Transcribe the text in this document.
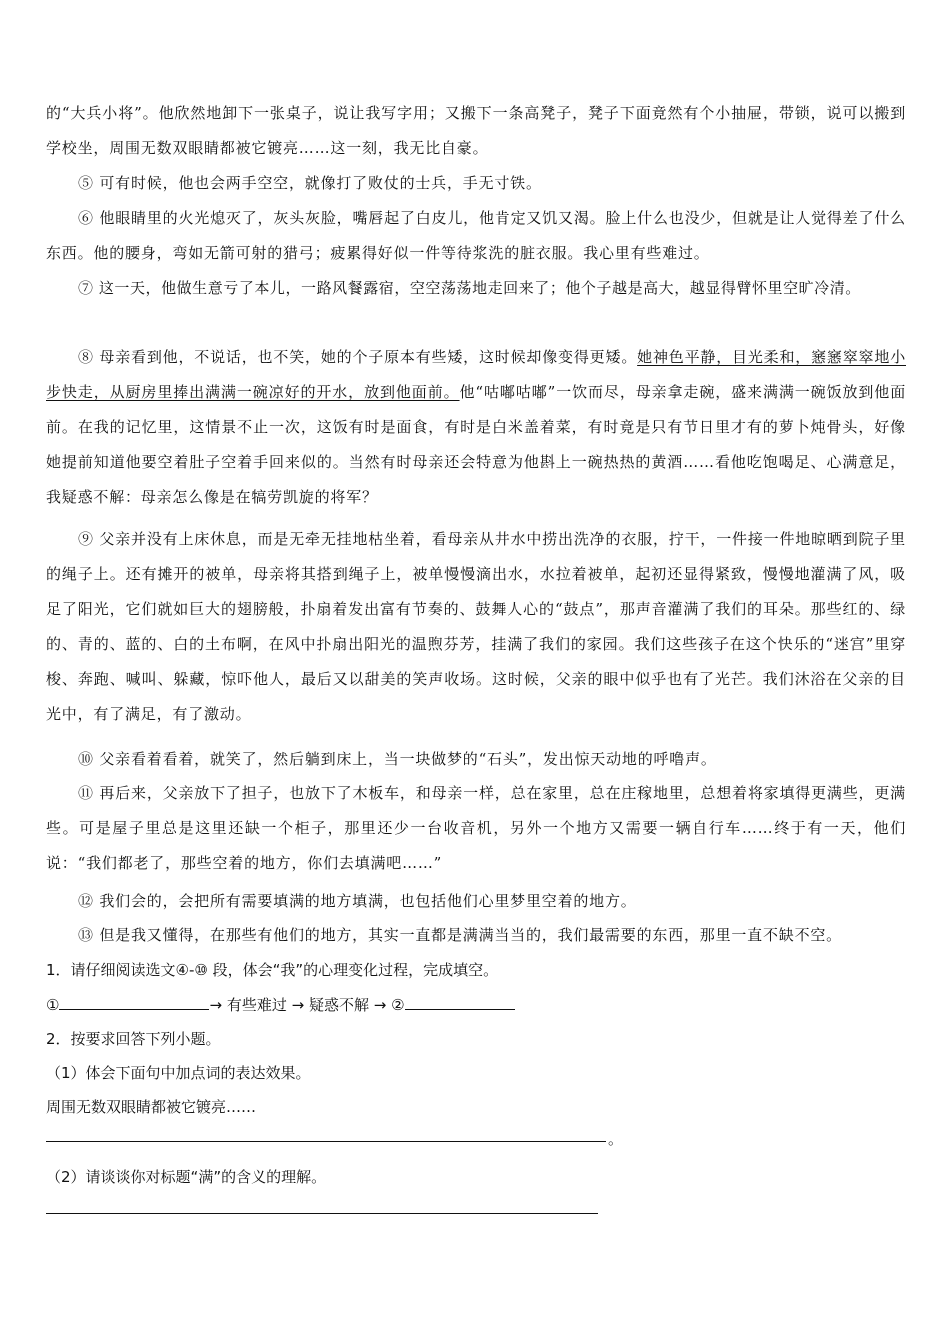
的“大兵小将”。他欣然地卸下一张桌子，说让我写字用；又搬下一条高凳子，凳子下面竟然有个小抽屉，带锁，说可以搬到学校坐，周围无数双眼睛都被它镀亮……这一刻，我无比自豪。

⑤ 可有时候，他也会两手空空，就像打了败仗的士兵，手无寸铁。

⑥ 他眼睛里的火光熄灭了，灰头灰脸，嘴唇起了白皮儿，他肯定又饥又渴。脸上什么也没少，但就是让人觉得差了什么东西。他的腰身，弯如无箭可射的猎弓；疲累得好似一件等待浆洗的脏衣服。我心里有些难过。

⑦ 这一天，他做生意亏了本儿，一路风餐露宿，空空荡荡地走回来了；他个子越是高大，越显得臂怀里空旷冷清。

⑧ 母亲看到他，不说话，也不笑，她的个子原本有些矮，这时候却像变得更矮。她神色平静，目光柔和，窸窸窣窣地小步快走，从厨房里捧出满满一碗凉好的开水，放到他面前。他“咕嘟咕嘟”一饮而尽，母亲拿走碗，盛来满满一碗饭放到他面前。在我的记忆里，这情景不止一次，这饭有时是面食，有时是白米盖着菜，有时竟是只有节日里才有的萝卜炖骨头，好像她提前知道他要空着肚子空着手回来似的。当然有时母亲还会特意为他斟上一碗热热的黄酒……看他吃饱喝足、心满意足，我疑惑不解：母亲怎么像是在犒劳凯旋的将军？

⑨ 父亲并没有上床休息，而是无牵无挂地枯坐着，看母亲从井水中捞出洗净的衣服，拧干，一件接一件地晾晒到院子里的绳子上。还有摊开的被单，母亲将其搭到绳子上，被单慢慢滴出水，水拉着被单，起初还显得紧致，慢慢地灌满了风，吸足了阳光，它们就如巨大的翅膀般，扑扇着发出富有节奏的、鼓舞人心的“鼓点”，那声音灌满了我们的耳朵。那些红的、绿的、青的、蓝的、白的土布啊，在风中扑扇出阳光的温煦芬芳，挂满了我们的家园。我们这些孩子在这个快乐的“迷宫”里穿梭、奔跑、喊叫、躲藏，惊吓他人，最后又以甜美的笑声收场。这时候，父亲的眼中似乎也有了光芒。我们沐浴在父亲的目光中，有了满足，有了激动。

⑩ 父亲看着看着，就笑了，然后躺到床上，当一块做梦的“石头”，发出惊天动地的呼噜声。

⑪ 再后来，父亲放下了担子，也放下了木板车，和母亲一样，总在家里，总在庄稼地里，总想着将家填得更满些，更满些。可是屋子里总是这里还缺一个柜子，那里还少一台收音机，另外一个地方又需要一辆自行车……终于有一天，他们说：“我们都老了，那些空着的地方，你们去填满吧……”

⑫ 我们会的，会把所有需要填满的地方填满，也包括他们心里梦里空着的地方。

⑬ 但是我又懂得，在那些有他们的地方，其实一直都是满满当当的，我们最需要的东西，那里一直不缺不空。

1．请仔细阅读选文④-⑩ 段，体会“我”的心理变化过程，完成填空。

①	→ 有些难过 → 疑惑不解 → ②

2．按要求回答下列小题。

（1）体会下面句中加点词的表达效果。

周围无数双眼睛都被它镀亮……

。

（2）请谈谈你对标题“满”的含义的理解。
